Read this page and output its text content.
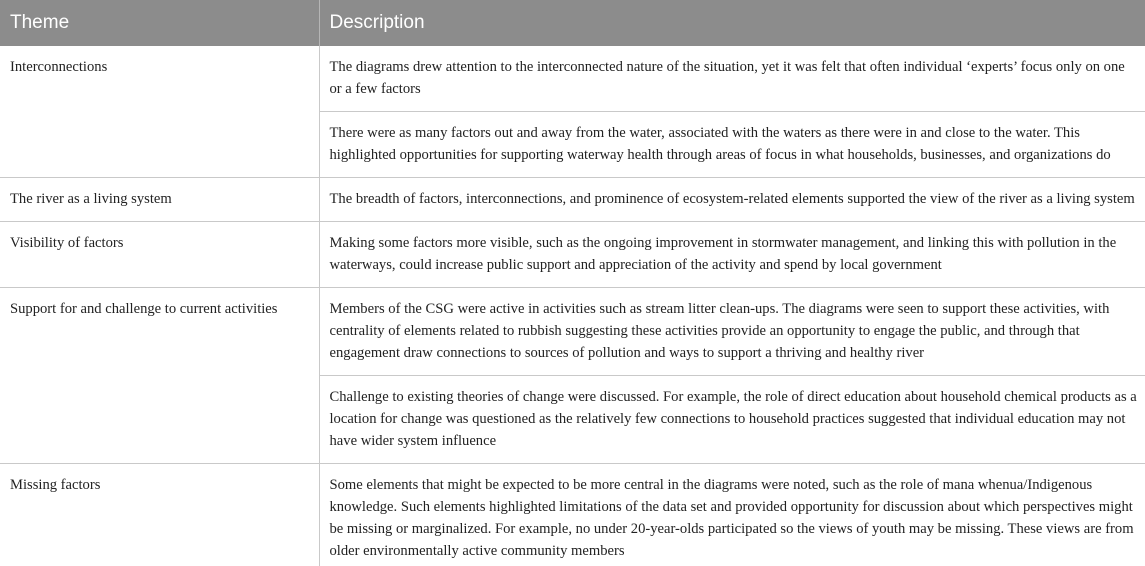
Theme	Description
Interconnections	The diagrams drew attention to the interconnected nature of the situation, yet it was felt that often individual ‘experts’ focus only on one or a few factors
	There were as many factors out and away from the water, associated with the waters as there were in and close to the water. This highlighted opportunities for supporting waterway health through areas of focus in what households, businesses, and organizations do
The river as a living system	The breadth of factors, interconnections, and prominence of ecosystem-related elements supported the view of the river as a living system
Visibility of factors	Making some factors more visible, such as the ongoing improvement in stormwater management, and linking this with pollution in the waterways, could increase public support and appreciation of the activity and spend by local government
Support for and challenge to current activities	Members of the CSG were active in activities such as stream litter clean-ups. The diagrams were seen to support these activities, with centrality of elements related to rubbish suggesting these activities provide an opportunity to engage the public, and through that engagement draw connections to sources of pollution and ways to support a thriving and healthy river
	Challenge to existing theories of change were discussed. For example, the role of direct education about household chemical products as a location for change was questioned as the relatively few connections to household practices suggested that individual education may not have wider system influence
Missing factors	Some elements that might be expected to be more central in the diagrams were noted, such as the role of mana whenua/Indigenous knowledge. Such elements highlighted limitations of the data set and provided opportunity for discussion about which perspectives might be missing or marginalized. For example, no under 20-year-olds participated so the views of youth may be missing. These views are from older environmentally active community members
